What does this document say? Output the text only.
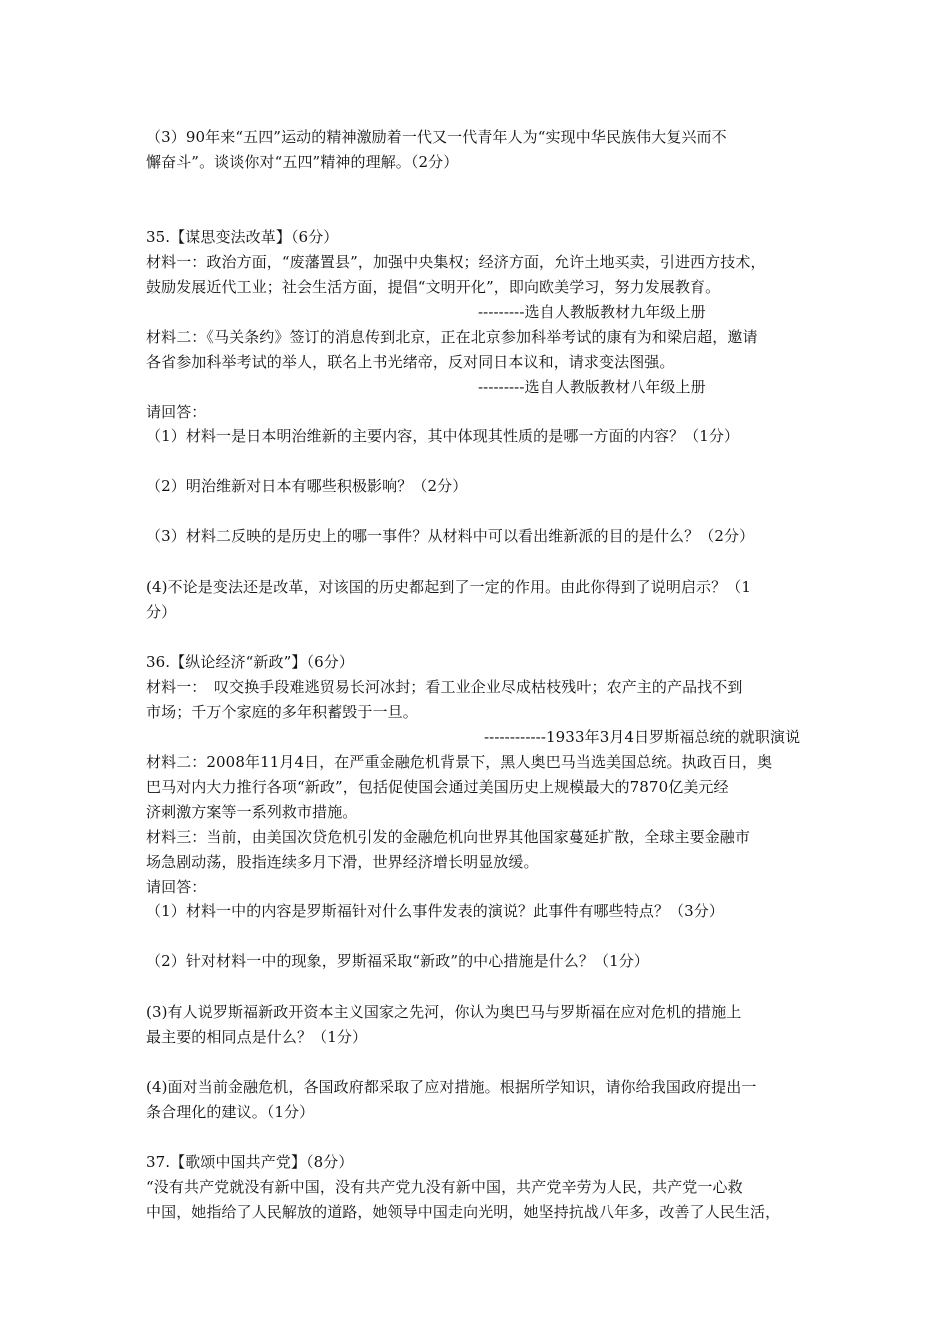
（3）90年来“五四”运动的精神激励着一代又一代青年人为“实现中华民族伟大复兴而不
懈奋斗”。谈谈你对“五四”精神的理解。（2分）
35.【谋思变法改革】（6分）
材料一：政治方面，“废藩置县”，加强中央集权；经济方面，允许土地买卖，引进西方技术，
鼓励发展近代工业；社会生活方面，提倡“文明开化”，即向欧美学习，努力发展教育。
---------选自人教版教材九年级上册
材料二：《马关条约》签订的消息传到北京，正在北京参加科举考试的康有为和梁启超，邀请
各省参加科举考试的举人，联名上书光绪帝，反对同日本议和，请求变法图强。
---------选自人教版教材八年级上册
请回答：
（1）材料一是日本明治维新的主要内容，其中体现其性质的是哪一方面的内容？（1分）
（2）明治维新对日本有哪些积极影响？（2分）
（3）材料二反映的是历史上的哪一事件？从材料中可以看出维新派的目的是什么？（2分）
(4)不论是变法还是改革，对该国的历史都起到了一定的作用。由此你得到了说明启示？（1
分）
36.【纵论经济“新政”】（6分）
材料一：　叹交换手段难逃贸易长河冰封；看工业企业尽成枯枝残叶；农产主的产品找不到
市场；千万个家庭的多年积蓄毁于一旦。
------------1933年3月4日罗斯福总统的就职演说
材料二：2008年11月4日，在严重金融危机背景下，黑人奥巴马当选美国总统。执政百日，奥
巴马对内大力推行各项“新政”，包括促使国会通过美国历史上规模最大的7870亿美元经
济刺激方案等一系列救市措施。
材料三：当前，由美国次贷危机引发的金融危机向世界其他国家蔓延扩散，全球主要金融市
场急剧动荡，股指连续多月下滑，世界经济增长明显放缓。
请回答：
（1）材料一中的内容是罗斯福针对什么事件发表的演说？此事件有哪些特点？（3分）
（2）针对材料一中的现象，罗斯福采取“新政”的中心措施是什么？（1分）
(3)有人说罗斯福新政开资本主义国家之先河，你认为奥巴马与罗斯福在应对危机的措施上
最主要的相同点是什么？（1分）
(4)面对当前金融危机，各国政府都采取了应对措施。根据所学知识，请你给我国政府提出一
条合理化的建议。（1分）
37.【歌颂中国共产党】（8分）
“没有共产党就没有新中国，没有共产党九没有新中国，共产党辛劳为人民，共产党一心救
中国，她指给了人民解放的道路，她领导中国走向光明，她坚持抗战八年多，改善了人民生活，
